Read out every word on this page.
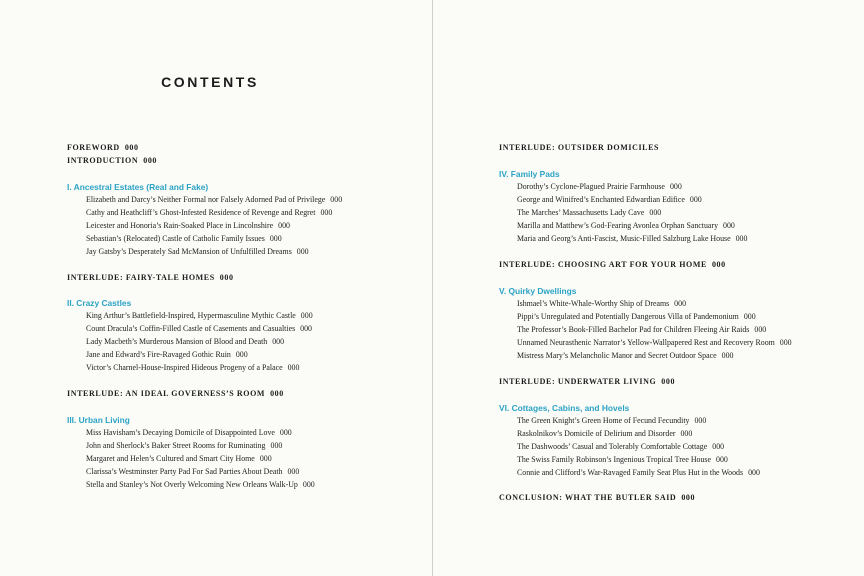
CONTENTS
FOREWORD 000
INTRODUCTION 000
I. Ancestral Estates (Real and Fake)
Elizabeth and Darcy’s Neither Formal nor Falsely Adorned Pad of Privilege 000
Cathy and Heathcliff’s Ghost-Infested Residence of Revenge and Regret 000
Leicester and Honoria’s Rain-Soaked Place in Lincolnshire 000
Sebastian’s (Relocated) Castle of Catholic Family Issues 000
Jay Gatsby’s Desperately Sad McMansion of Unfulfilled Dreams 000
INTERLUDE: FAIRY-TALE HOMES 000
II. Crazy Castles
King Arthur’s Battlefield-Inspired, Hypermasculine Mythic Castle 000
Count Dracula’s Coffin-Filled Castle of Casements and Casualties 000
Lady Macbeth’s Murderous Mansion of Blood and Death 000
Jane and Edward’s Fire-Ravaged Gothic Ruin 000
Victor’s Charnel-House-Inspired Hideous Progeny of a Palace 000
INTERLUDE: AN IDEAL GOVERNESS’S ROOM 000
III. Urban Living
Miss Havisham’s Decaying Domicile of Disappointed Love 000
John and Sherlock’s Baker Street Rooms for Ruminating 000
Margaret and Helen’s Cultured and Smart City Home 000
Clarissa’s Westminster Party Pad For Sad Parties About Death 000
Stella and Stanley’s Not Overly Welcoming New Orleans Walk-Up 000
INTERLUDE: OUTSIDER DOMICILES
IV. Family Pads
Dorothy’s Cyclone-Plagued Prairie Farmhouse 000
George and Winifred’s Enchanted Edwardian Edifice 000
The Marches’ Massachusetts Lady Cave 000
Marilla and Matthew’s God-Fearing Avonlea Orphan Sanctuary 000
Maria and Georg’s Anti-Fascist, Music-Filled Salzburg Lake House 000
INTERLUDE: CHOOSING ART FOR YOUR HOME 000
V. Quirky Dwellings
Ishmael’s White-Whale-Worthy Ship of Dreams 000
Pippi’s Unregulated and Potentially Dangerous Villa of Pandemonium 000
The Professor’s Book-Filled Bachelor Pad for Children Fleeing Air Raids 000
Unnamed Neurasthenic Narrator’s Yellow-Wallpapered Rest and Recovery Room 000
Mistress Mary’s Melancholic Manor and Secret Outdoor Space 000
INTERLUDE: UNDERWATER LIVING 000
VI. Cottages, Cabins, and Hovels
The Green Knight’s Green Home of Fecund Fecundity 000
Raskolnikov’s Domicile of Delirium and Disorder 000
The Dashwoods’ Casual and Tolerably Comfortable Cottage 000
The Swiss Family Robinson’s Ingenious Tropical Tree House 000
Connie and Clifford’s War-Ravaged Family Seat Plus Hut in the Woods 000
CONCLUSION: WHAT THE BUTLER SAID 000
